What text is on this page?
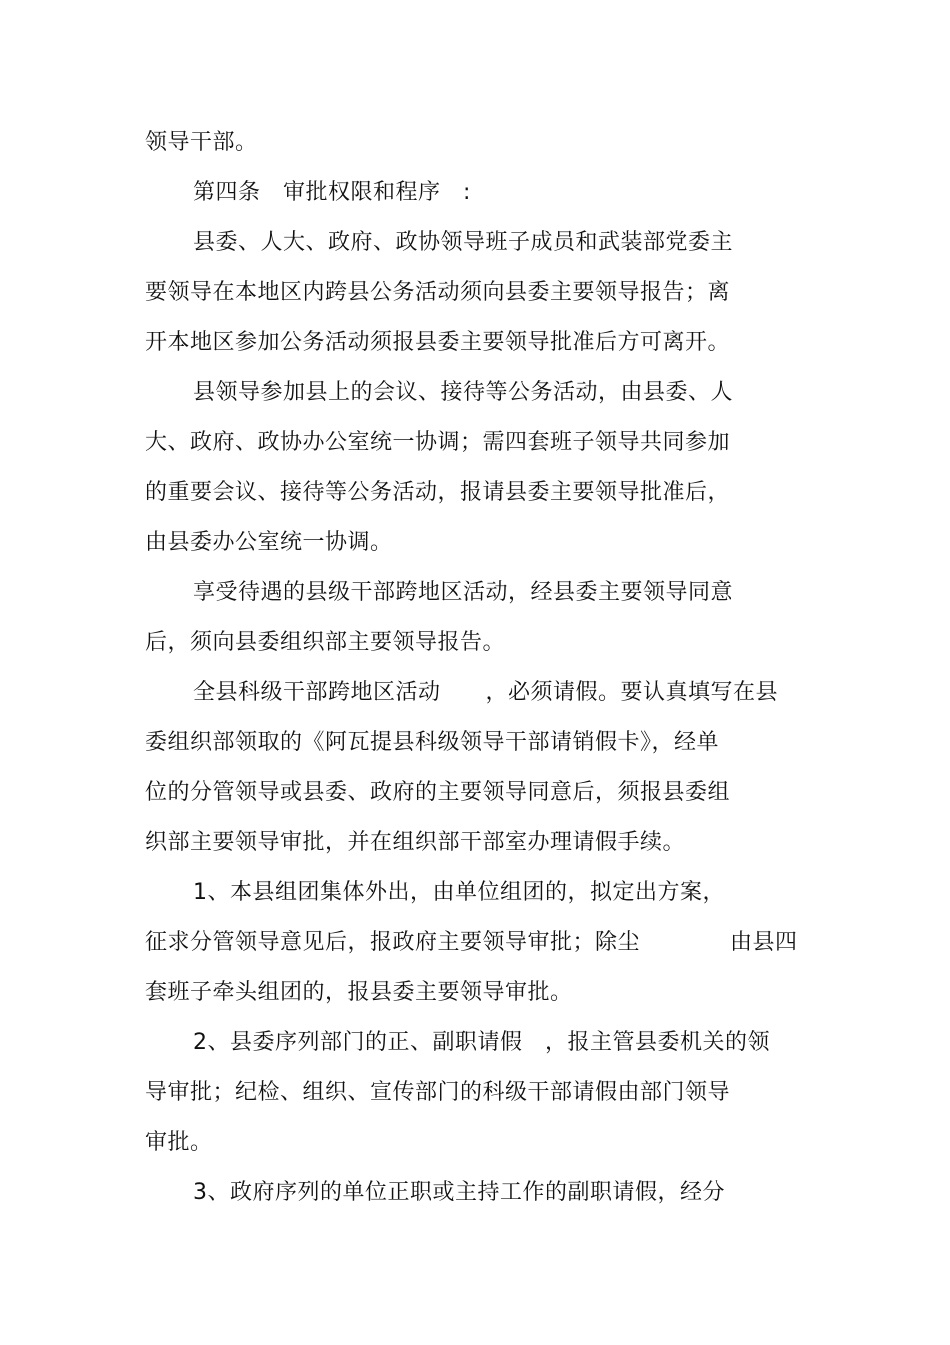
领导干部。
第四条　审批权限和程序　:
县委、人大、政府、政协领导班子成员和武装部党委主
要领导在本地区内跨县公务活动须向县委主要领导报告；离
开本地区参加公务活动须报县委主要领导批准后方可离开。
县领导参加县上的会议、接待等公务活动，由县委、人
大、政府、政协办公室统一协调；需四套班子领导共同参加
的重要会议、接待等公务活动，报请县委主要领导批准后，
由县委办公室统一协调。
享受待遇的县级干部跨地区活动，经县委主要领导同意
后，须向县委组织部主要领导报告。
全县科级干部跨地区活动　　，必须请假。要认真填写在县
委组织部领取的《阿瓦提县科级领导干部请销假卡》，经单
位的分管领导或县委、政府的主要领导同意后，须报县委组
织部主要领导审批，并在组织部干部室办理请假手续。
1、本县组团集体外出，由单位组团的，拟定出方案，
征求分管领导意见后，报政府主要领导审批；除尘　　　　由县四
套班子牵头组团的，报县委主要领导审批。
2、县委序列部门的正、副职请假　，报主管县委机关的领
导审批；纪检、组织、宣传部门的科级干部请假由部门领导
审批。
3、政府序列的单位正职或主持工作的副职请假，经分
